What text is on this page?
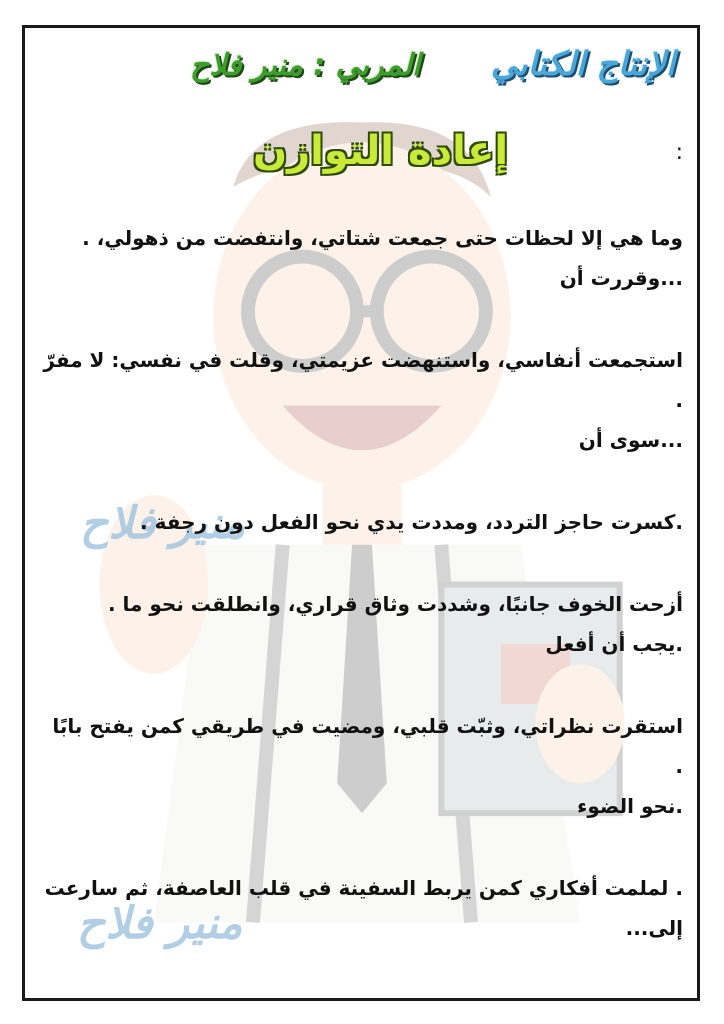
منير فلاح
منير فلاح
المربي : منير فلاح الإنتاج الكتابي
إعادة التوازن	:

وما هي إلا لحظات حتى جمعت شتاتي، وانتفضت من ذهولي، .
...وقررت أن

استجمعت أنفاسي، واستنهضت عزيمتي، وقلت في نفسي: لا مفرّ .
...سوى أن

.كسرت حاجز التردد، ومددت يدي نحو الفعل دون رجفة .

أزحت الخوف جانبًا، وشددت وثاق قراري، وانطلقت نحو ما .
.يجب أن أفعل

استقرت نظراتي، وثبّت قلبي، ومضيت في طريقي كمن يفتح بابًا .
.نحو الضوء

. لملمت أفكاري كمن يربط السفينة في قلب العاصفة، ثم سارعت
إلى...
